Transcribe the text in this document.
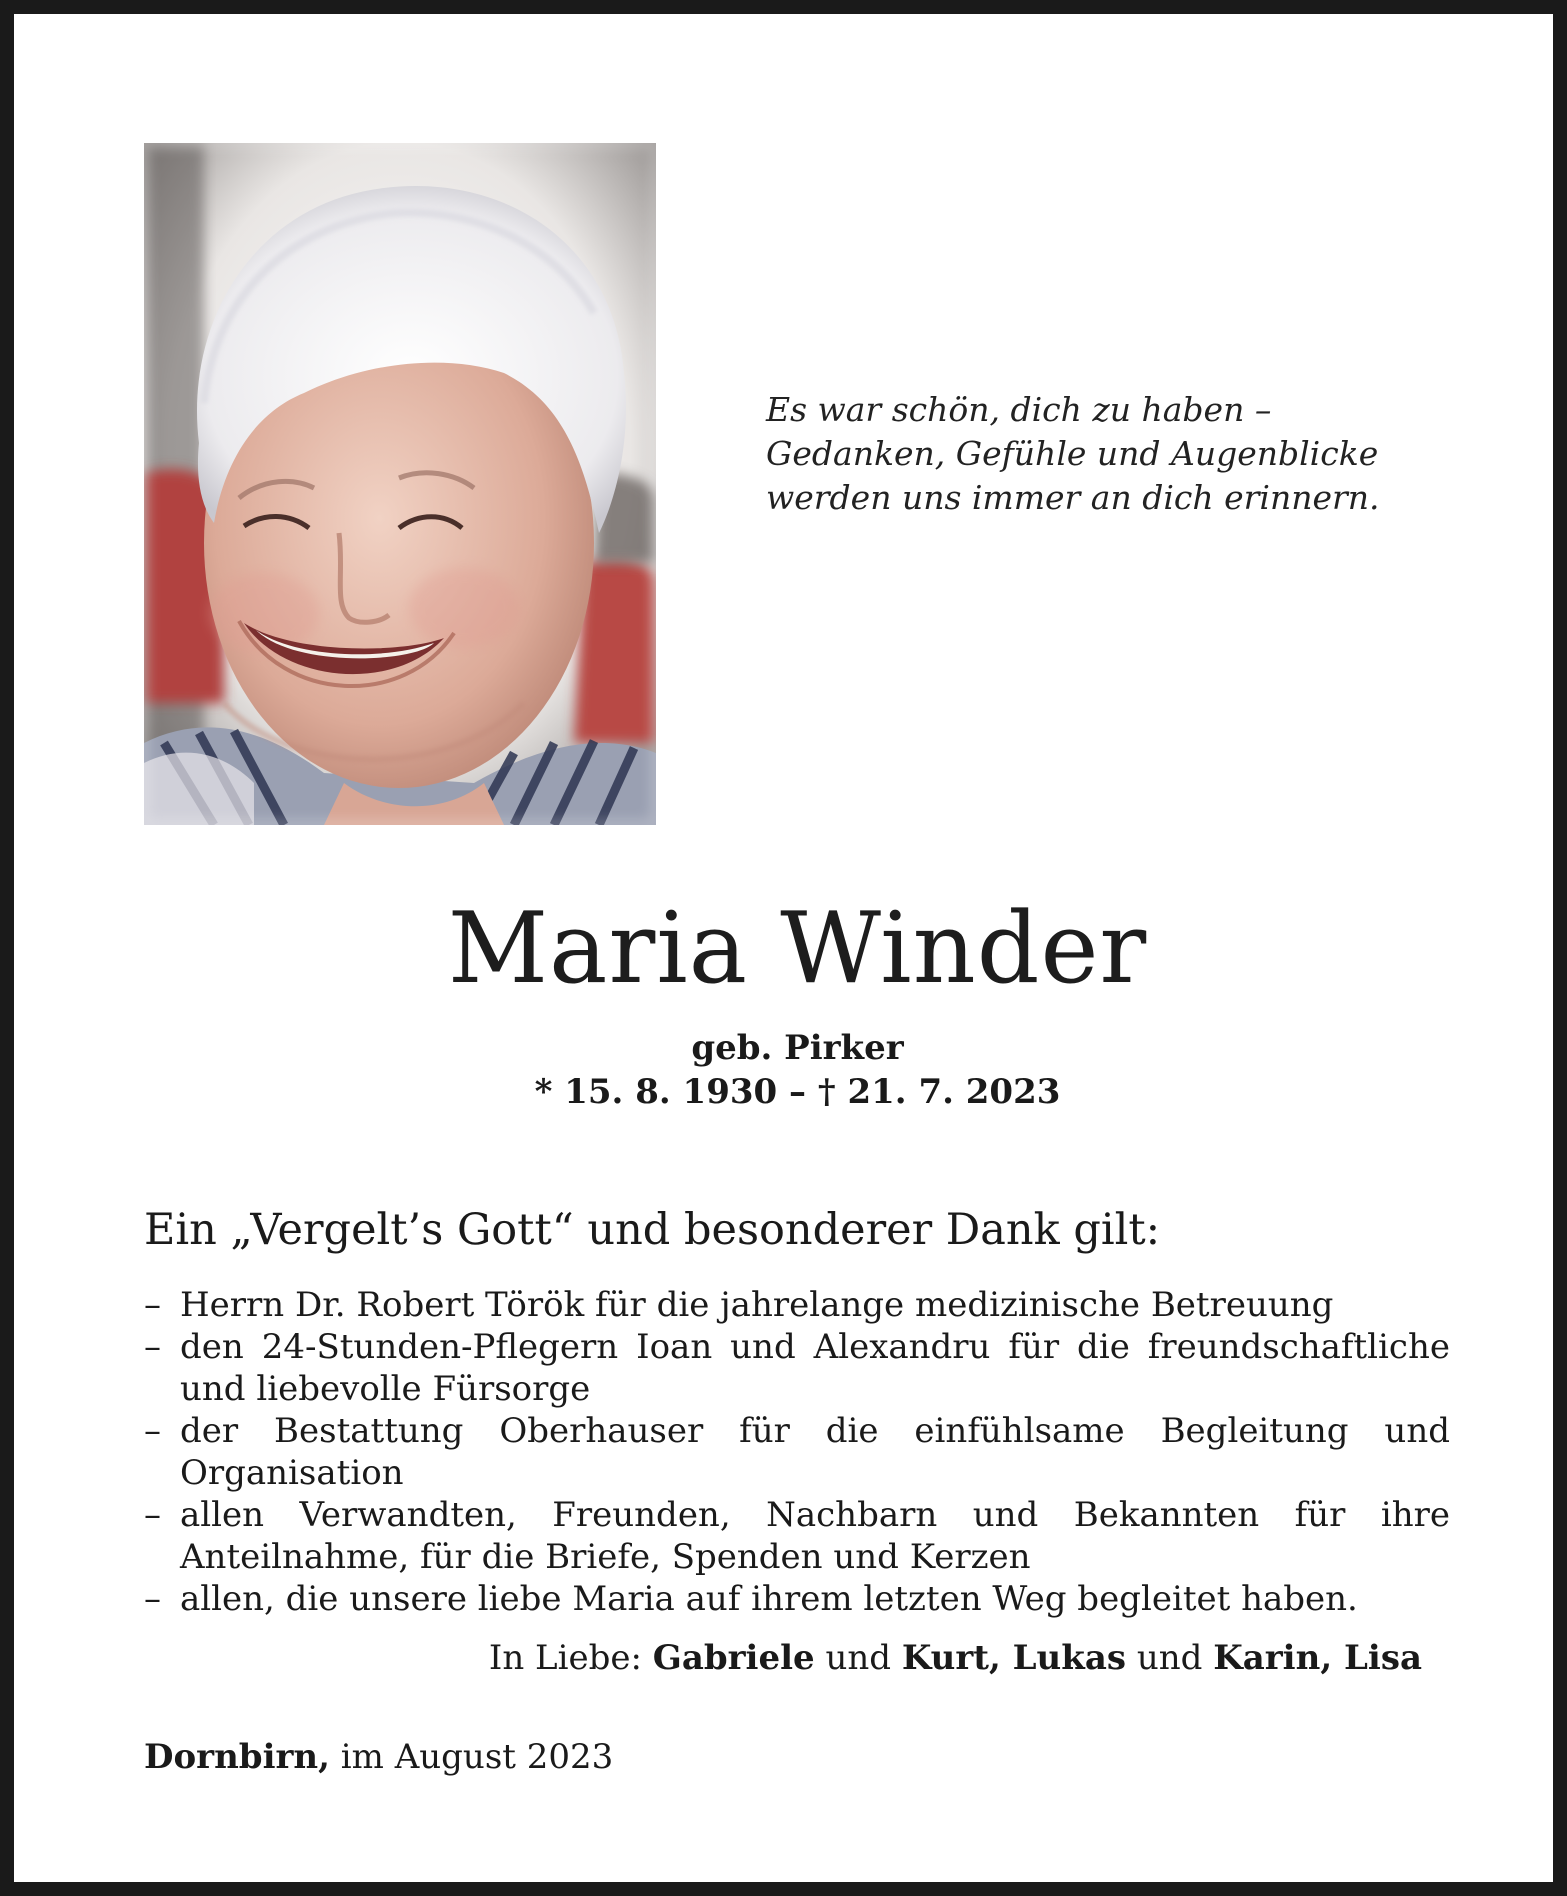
Es war schön, dich zu haben –
Gedanken, Gefühle und Augenblicke
werden uns immer an dich erinnern.
Maria Winder
geb. Pirker
* 15. 8. 1930 – † 21. 7. 2023
Ein „Vergelt’s Gott“ und besonderer Dank gilt:
– Herrn Dr. Robert Török für die jahrelange medizinische Betreuung
– den 24-Stunden-Pflegern Ioan und Alexandru für die freundschaftliche und liebevolle Fürsorge
– der Bestattung Oberhauser für die einfühlsame Begleitung und Organisation
– allen Verwandten, Freunden, Nachbarn und Bekannten für ihre Anteilnahme, für die Briefe, Spenden und Kerzen
– allen, die unsere liebe Maria auf ihrem letzten Weg begleitet haben.
In Liebe: Gabriele und Kurt, Lukas und Karin, Lisa
Dornbirn, im August 2023
